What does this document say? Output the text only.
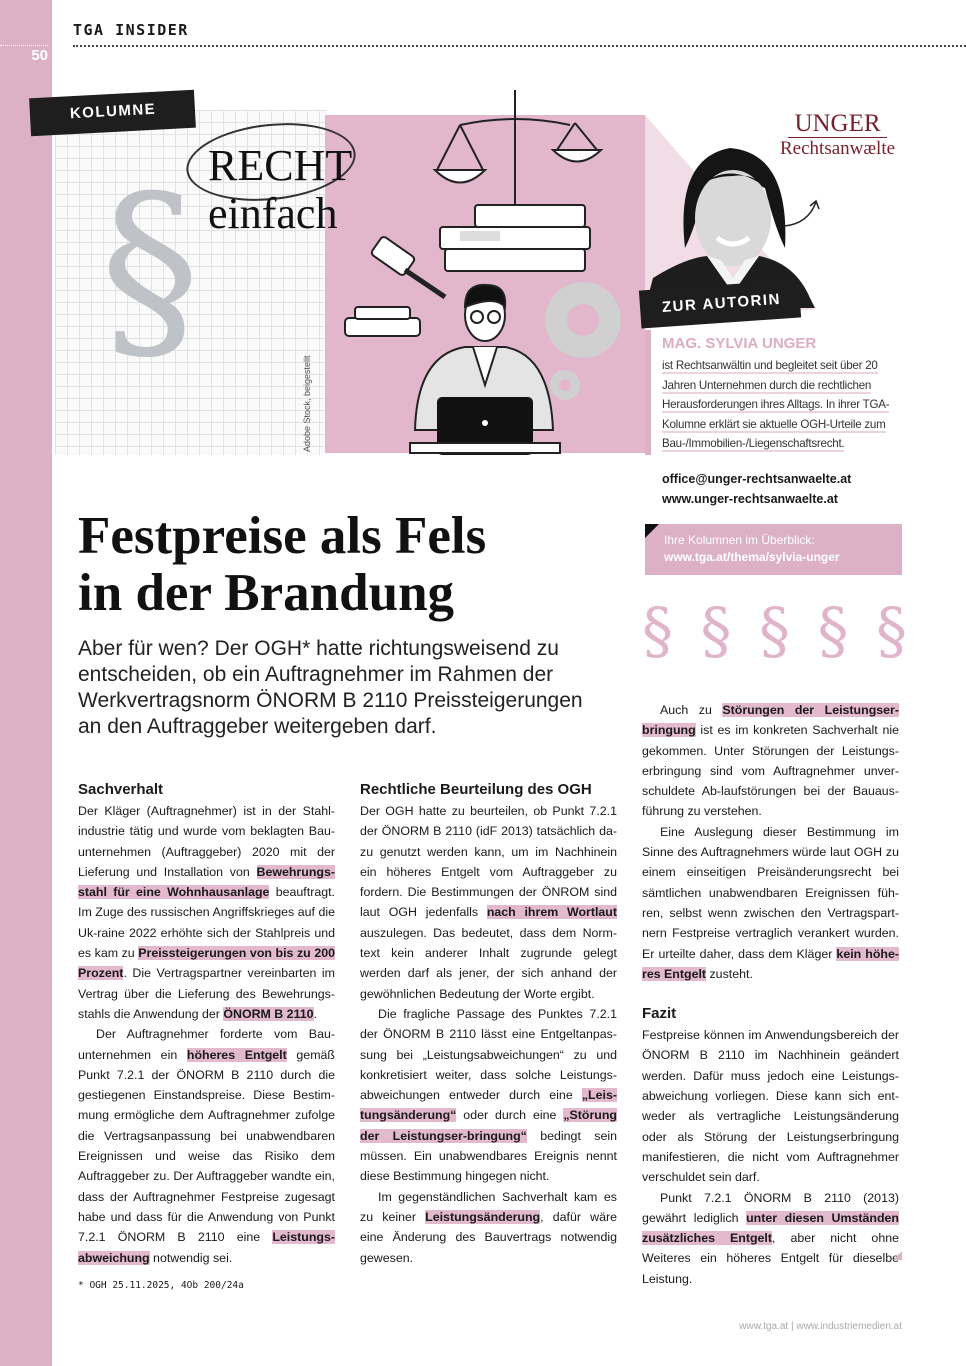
50
TGA INSIDER
§
KOLUMNE
RECHT
einfach
Adobe Stock, beigestellt
UNGER
Rechtsanwælte
ZUR AUTORIN
MAG. SYLVIA UNGER
ist Rechtsanwältin und begleitet seit über 20
Jahren Unternehmen durch die rechtlichen
Herausforderungen ihres Alltags. In ihrer TGA-
Kolumne erklärt sie aktuelle OGH-Urteile zum
Bau-/Immobilien-/Liegenschaftsrecht.
office@unger-rechtsanwaelte.at
www.unger-rechtsanwaelte.at
Ihre Kolumnen im Überblick:
www.tga.at/thema/sylvia-unger
§ § § § §
Festpreise als Fels
in der Brandung

Aber für wen? Der OGH* hatte richtungsweisend zu entscheiden, ob ein Auftragnehmer im Rahmen der Werkvertragsnorm ÖNORM B 2110 Preissteigerungen an den Auftraggeber weitergeben darf.

Sachverhalt

Der Kläger (Auftragnehmer) ist in der Stahlindustrie tätig und wurde vom beklagten Bauunternehmen (Auftraggeber) 2020 mit der Lieferung und Installation von Bewehrungsstahl für eine Wohnhausanlage beauftragt. Im Zuge des russischen Angriffskrieges auf die Uk-raine 2022 erhöhte sich der Stahlpreis und es kam zu Preissteigerungen von bis zu 200 Prozent. Die Vertragspartner vereinbarten im Vertrag über die Lieferung des Bewehrungsstahls die Anwendung der ÖNORM B 2110.

Der Auftragnehmer forderte vom Bauunternehmen ein höheres Entgelt gemäß Punkt 7.2.1 der ÖNORM B 2110 durch die gestiegenen Einstandspreise. Diese Bestimmung ermögliche dem Auftragnehmer zufolge die Vertragsanpassung bei unabwendbaren Ereignissen und weise das Risiko dem Auftraggeber zu. Der Auftraggeber wandte ein, dass der Auftragnehmer Festpreise zugesagt habe und dass für die Anwendung von Punkt 7.2.1 ÖNORM B 2110 eine Leistungsabweichung notwendig sei.

Rechtliche Beurteilung des OGH

Der OGH hatte zu beurteilen, ob Punkt 7.2.1 der ÖNORM B 2110 (idF 2013) tatsächlich dazu genutzt werden kann, um im Nachhinein ein höheres Entgelt vom Auftraggeber zu fordern. Die Bestimmungen der ÖNROM sind laut OGH jedenfalls nach ihrem Wortlaut auszulegen. Das bedeutet, dass dem Normtext kein anderer Inhalt zugrunde gelegt werden darf als jener, der sich anhand der gewöhnlichen Bedeutung der Worte ergibt.

Die fragliche Passage des Punktes 7.2.1 der ÖNORM B 2110 lässt eine Entgeltanpassung bei „Leistungsabweichungen“ zu und konkretisiert weiter, dass solche Leistungsabweichungen entweder durch eine „Leistungsänderung“ oder durch eine „Störung der Leistungser-bringung“ bedingt sein müssen. Ein unabwendbares Ereignis nennt diese Bestimmung hingegen nicht.

Im gegenständlichen Sachverhalt kam es zu keiner Leistungsänderung, dafür wäre eine Änderung des Bauvertrags notwendig gewesen.

Auch zu Störungen der Leistungserbringung ist es im konkreten Sachverhalt nie gekommen. Unter Störungen der Leistungserbringung sind vom Auftragnehmer unverschuldete Ab-laufstörungen bei der Bauausführung zu verstehen.

Eine Auslegung dieser Bestimmung im Sinne des Auftragnehmers würde laut OGH zu einem einseitigen Preisänderungsrecht bei sämtlichen unabwendbaren Ereignissen führen, selbst wenn zwischen den Vertragspartnern Festpreise vertraglich verankert wurden. Er urteilte daher, dass dem Kläger kein höheres Entgelt zusteht.

Fazit

Festpreise können im Anwendungsbereich der ÖNORM B 2110 im Nachhinein geändert werden. Dafür muss jedoch eine Leistungsabweichung vorliegen. Diese kann sich entweder als vertragliche Leistungsänderung oder als Störung der Leistungserbringung manifestieren, die nicht vom Auftragnehmer verschuldet sein darf.

Punkt 7.2.1 ÖNORM B 2110 (2013) gewährt lediglich unter diesen Umständen zusätzliches Entgelt, aber nicht ohne Weiteres ein höheres Entgelt für dieselbe Leistung.

* OGH 25.11.2025, 4Ob 200/24a
www.tga.at | www.industriemedien.at
